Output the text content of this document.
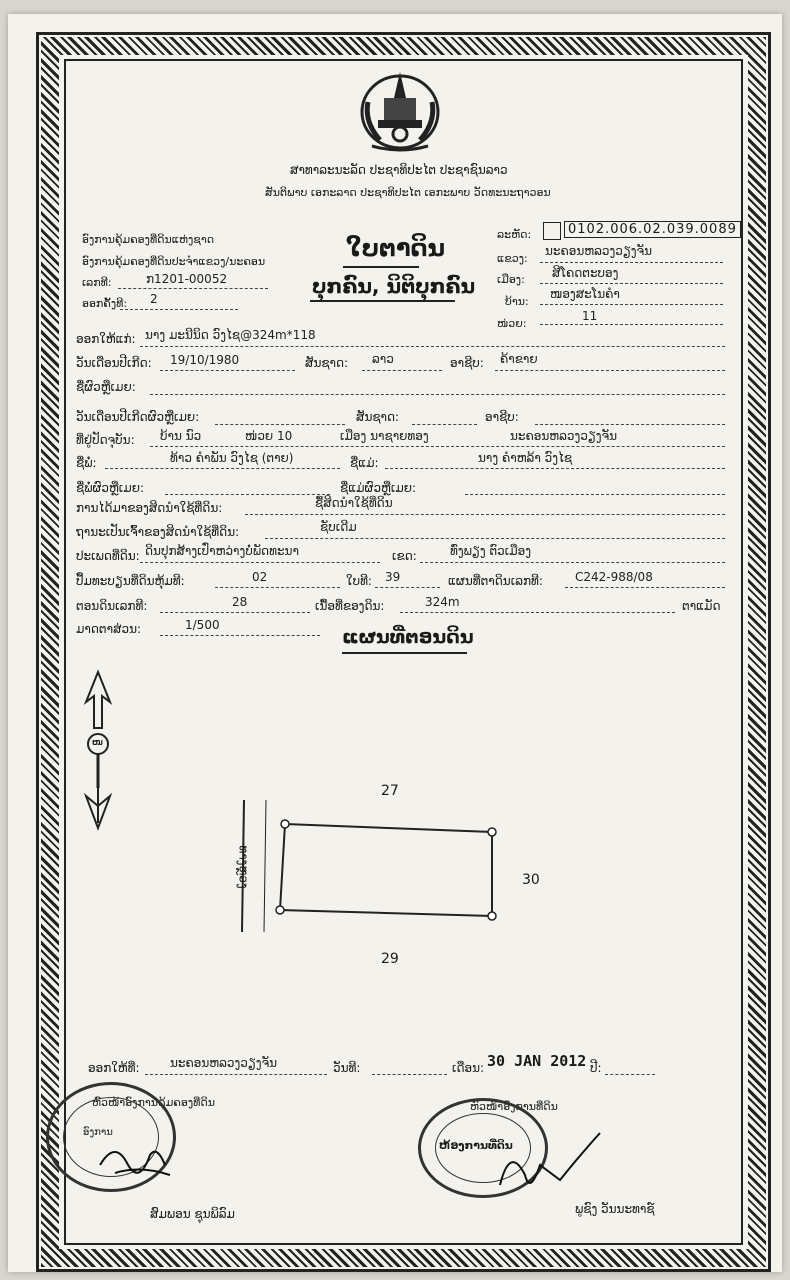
ສາທາລະນະລັດ ປະຊາທິປະໄຕ ປະຊາຊົນລາວ
ສັນຕິພາບ ເອກະລາດ ປະຊາທິປະໄຕ ເອກະພາບ ວັດທະນະຖາວອນ
ອົງການຄຸ້ມຄອງທີ່ດິນແຫ່ງຊາດ
ອົງການຄຸ້ມຄອງທີ່ດິນປະຈໍາແຂວງ/ນະຄອນ
ເລກທີ:	ກ1201-00052
ອອກຄັ້ງທີ: 2
ໃບຕາດິນ
ບຸກຄົນ, ນິຕິບຸກຄົນ
ລະຫັດ:	0102.006.02.039.0089
ແຂວງ:
ນະຄອນຫລວງວຽງຈັນ
ເມືອງ: ສີໂຄດຕະບອງ
ບ້ານ:
ໜອງສະໂນຄໍາ
ໜ່ວຍ:
11
ອອກໃຫ້ແກ່: ນາງ ມະນີນິດ ວົງໄຊ@324m*118
ວັນເດືອນປີເກີດ: 19/10/1980	ສັນຊາດ: ລາວ	ອາຊີບ: ຄ້າຂາຍ
ຊື່ຜົວຫຼືເມຍ:
ວັນເດືອນປີເກີດຜົວຫຼືເມຍ:	ສັນຊາດ:	ອາຊີບ:
ທີ່ຢູ່ປັດຈຸບັນ: ບ້ານ ນົວ	ໜ່ວຍ 10	ເມືອງ ນາຊາຍທອງ	ນະຄອນຫລວງວຽງຈັນ
ຊື່ພໍ່:	ທ້າວ ຄໍາພັນ ວົງໄຊ (ຕາຍ)	ຊື່ແມ່:	ນາງ ຄໍາຫລ້າ ວົງໄຊ
ຊື່ພໍ່ຜົວຫຼືເມຍ:	ຊື່ແມ່ຜົວຫຼືເມຍ:
ການໄດ້ມາຂອງສິດນໍາໃຊ້ທີ່ດິນ:	ຊື້ສິດນໍາໃຊ້ທີ່ດິນ
ຖານະເປັນເຈົ້າຂອງສິດນໍາໃຊ້ທີ່ດິນ:	ຊັບເດີມ
ປະເພດທີ່ດິນ: ດິນປຸກສ້າງເປົ່າຫວ່າງບໍ່ພັດທະນາ	ເຂດ:	ທົ່ງພຽງ ຕົວເມືອງ
ປຶ້ມທະບຽນທີ່ດິນຫຸ້ມທີ:	02	ໃບທີ: 39	ແຜນທີ່ຕາດິນເລກທີ:	C242-988/08
ຕອນດິນເລກທີ:	28	ເນື້ອທີ່ຂອງດິນ:	324m	ຕາແມັດ
ມາດຕາສ່ວນ:	1/500
ແຜນທີ່ຕອນດິນ
ໜ
ທາງຫຼວງ
27
30
29
ອອກໃຫ້ທີ່:	ນະຄອນຫລວງວຽງຈັນ	ວັນທີ:	ເດືອນ: 30 JAN 2012 ປີ:
ຫົວໜ້າອົງການຄຸ້ມຄອງທີ່ດິນ
ສົມພອນ ຊຸນພິລົມ
ຫົວໜ້າອົງການທີ່ດິນ
ພູຊົງ ວັນນະທາຊ໌
ອົງການ
ຫ້ອງການທີ່ດິນ
